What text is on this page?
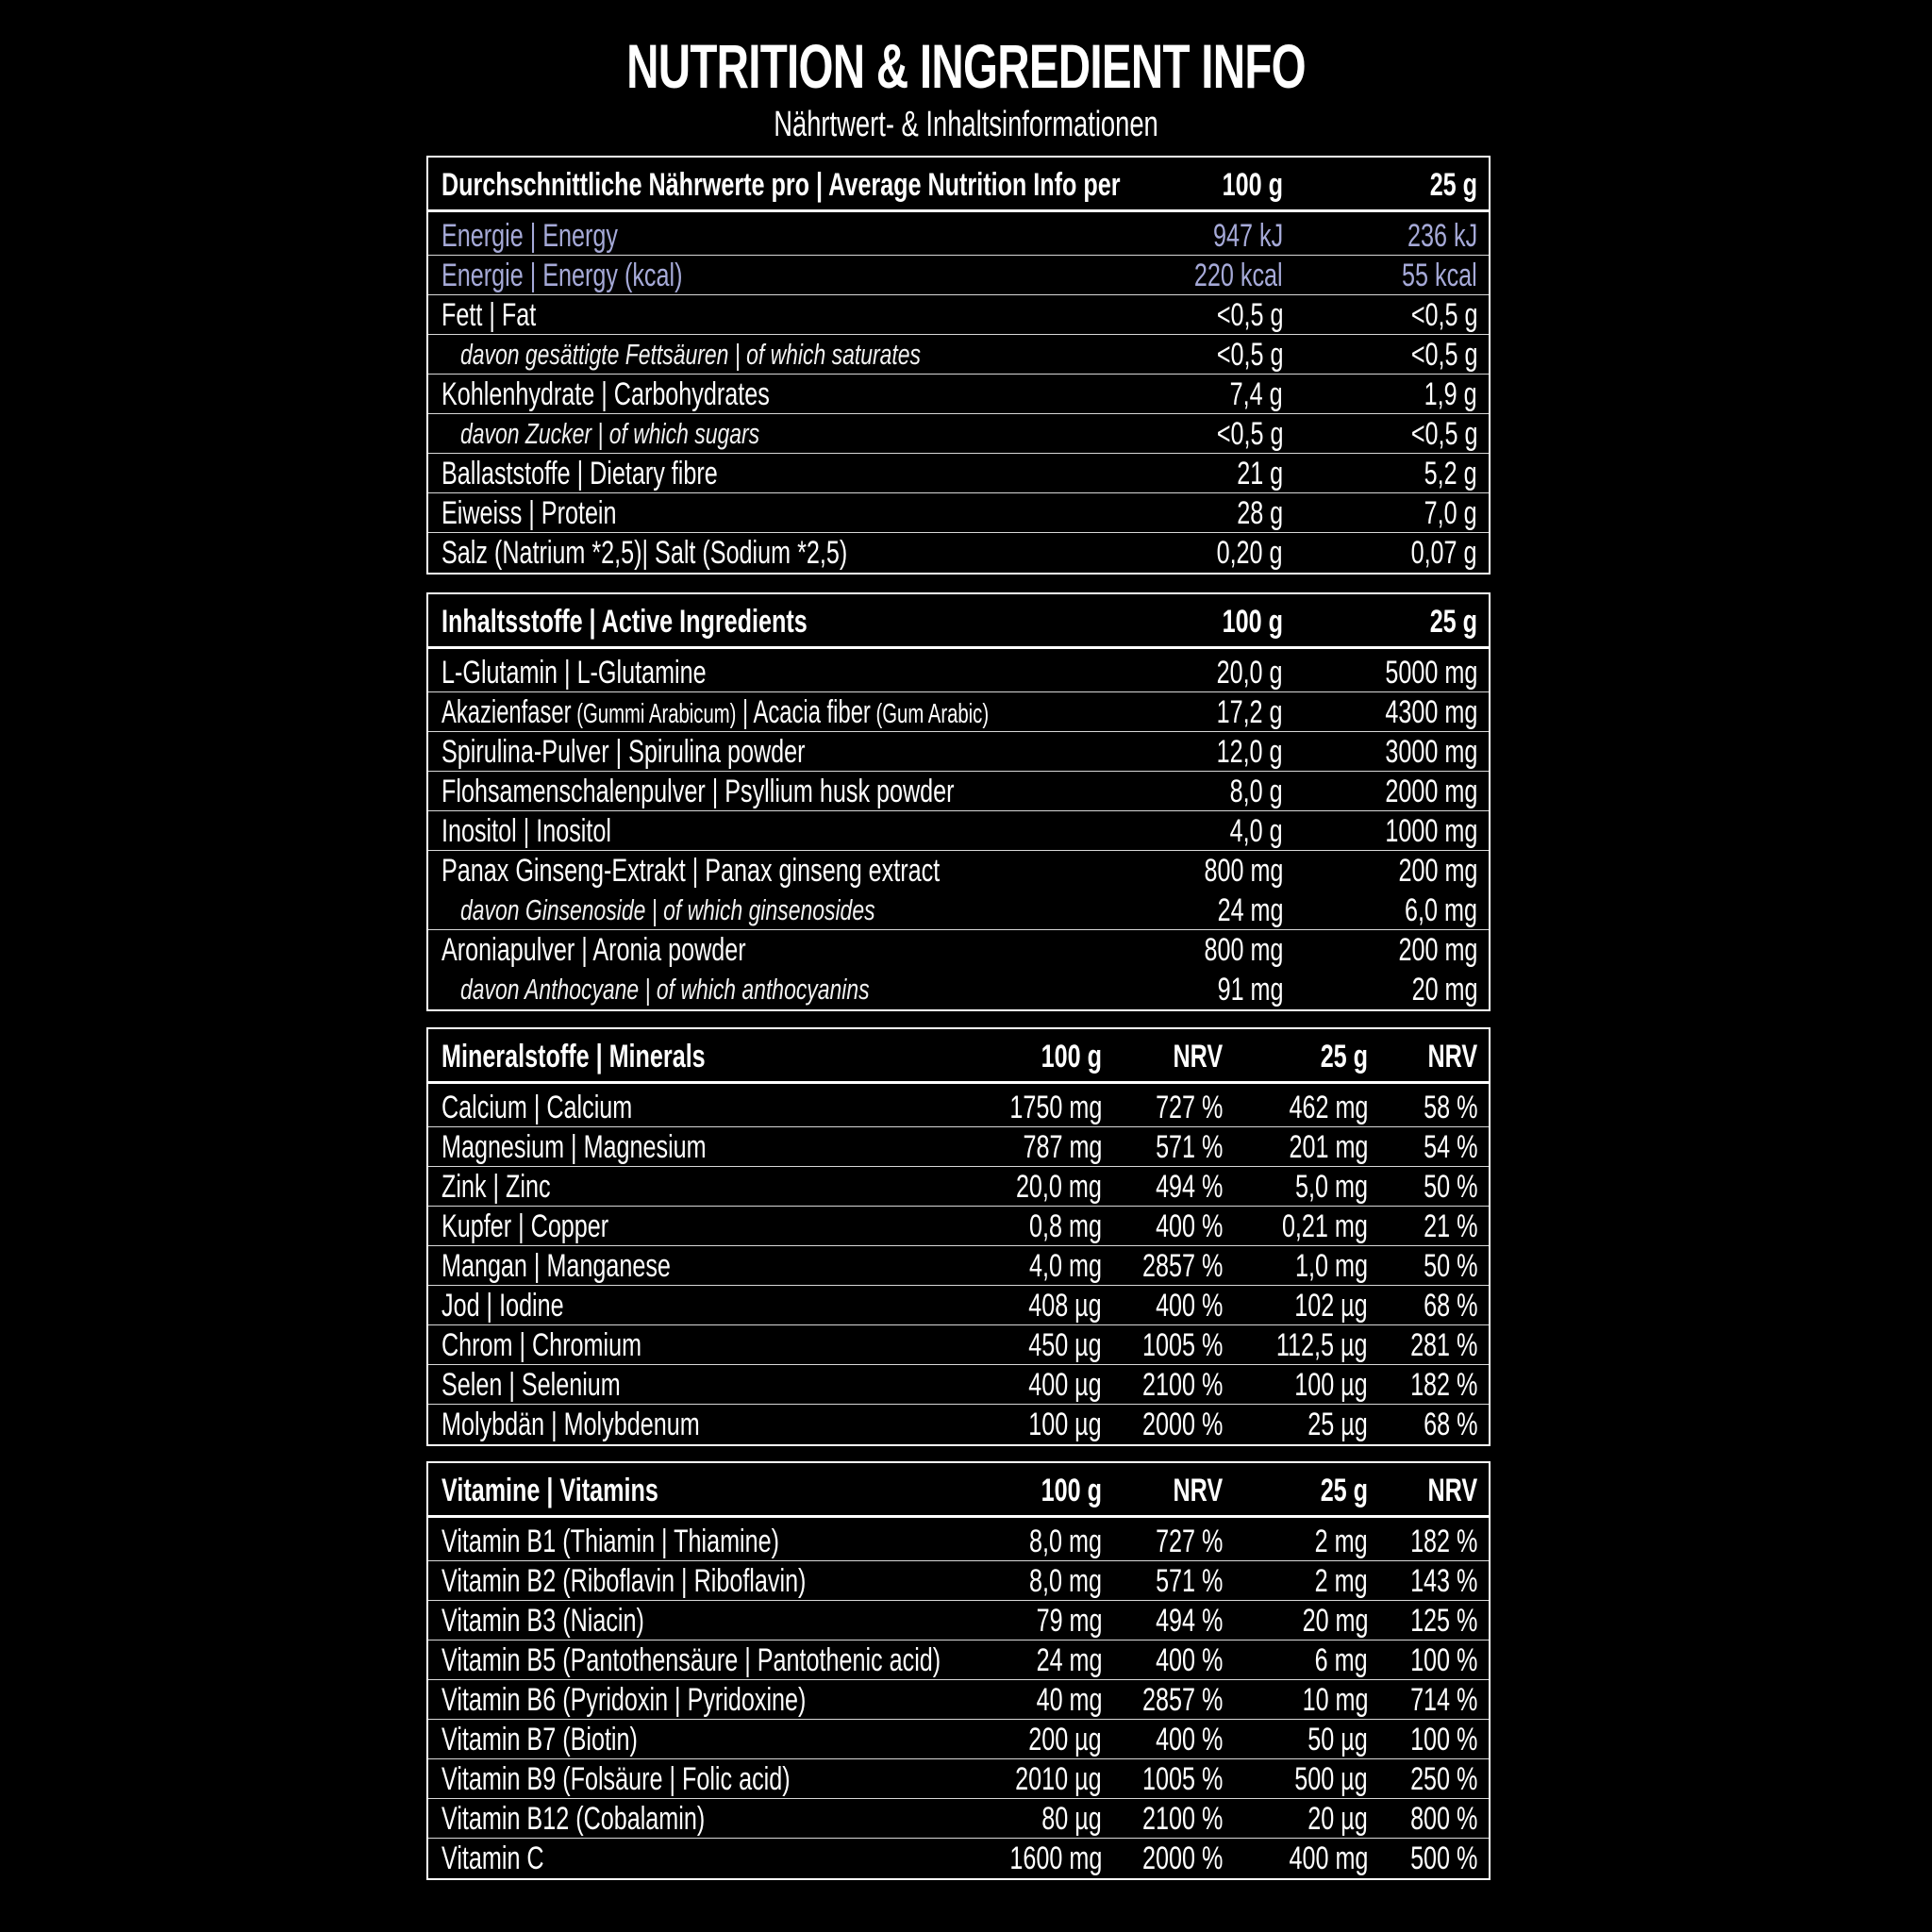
NUTRITION & INGREDIENT INFO
Nährtwert- & Inhaltsinformationen
Durchschnittliche Nährwerte pro | Average Nutrition Info per	100 g	25 g
Energie | Energy	947 kJ	236 kJ
Energie | Energy (kcal)	220 kcal	55 kcal
Fett | Fat	<0,5 g	<0,5 g
davon gesättigte Fettsäuren | of which saturates	<0,5 g	<0,5 g
Kohlenhydrate | Carbohydrates	7,4 g	1,9 g
davon Zucker | of which sugars	<0,5 g	<0,5 g
Ballaststoffe | Dietary fibre	21 g	5,2 g
Eiweiss | Protein	28 g	7,0 g
Salz (Natrium *2,5)| Salt (Sodium *2,5)	0,20 g	0,07 g
Inhaltsstoffe | Active Ingredients	100 g	25 g
L-Glutamin | L-Glutamine	20,0 g	5000 mg
Akazienfaser (Gummi Arabicum) | Acacia fiber (Gum Arabic)	17,2 g	4300 mg
Spirulina-Pulver | Spirulina powder	12,0 g	3000 mg
Flohsamenschalenpulver | Psyllium husk powder	8,0 g	2000 mg
Inositol | Inositol	4,0 g	1000 mg
Panax Ginseng-Extrakt | Panax ginseng extract	800 mg	200 mg
davon Ginsenoside | of which ginsenosides	24 mg	6,0 mg
Aroniapulver | Aronia powder	800 mg	200 mg
davon Anthocyane | of which anthocyanins	91 mg	20 mg
Mineralstoffe | Minerals	100 g NRV	25 g NRV
Calcium | Calcium	1750 mg 727 % 462 mg 58 %
Magnesium | Magnesium	787 mg 571 % 201 mg 54 %
Zink | Zinc	20,0 mg 494 % 5,0 mg 50 %
Kupfer | Copper	0,8 mg 400 % 0,21 mg 21 %
Mangan | Manganese	4,0 mg 2857 % 1,0 mg 50 %
Jod | Iodine	408 µg 400 % 102 µg 68 %
Chrom | Chromium	450 µg 1005 % 112,5 µg 281 %
Selen | Selenium	400 µg 2100 % 100 µg 182 %
Molybdän | Molybdenum	100 µg 2000 %	25 µg 68 %
Vitamine | Vitamins	100 g NRV	25 g NRV
Vitamin B1 (Thiamin | Thiamine)	8,0 mg 727 %	2 mg 182 %
Vitamin B2 (Riboflavin | Riboflavin)	8,0 mg 571 %	2 mg 143 %
Vitamin B3 (Niacin)	79 mg 494 % 20 mg 125 %
Vitamin B5 (Pantothensäure | Pantothenic acid)	24 mg 400 %	6 mg 100 %
Vitamin B6 (Pyridoxin | Pyridoxine)	40 mg 2857 % 10 mg 714 %
Vitamin B7 (Biotin)	200 µg 400 %	50 µg 100 %
Vitamin B9 (Folsäure | Folic acid)	2010 µg 1005 % 500 µg 250 %
Vitamin B12 (Cobalamin)	80 µg 2100 %	20 µg 800 %
Vitamin C	1600 mg 2000 % 400 mg 500 %
